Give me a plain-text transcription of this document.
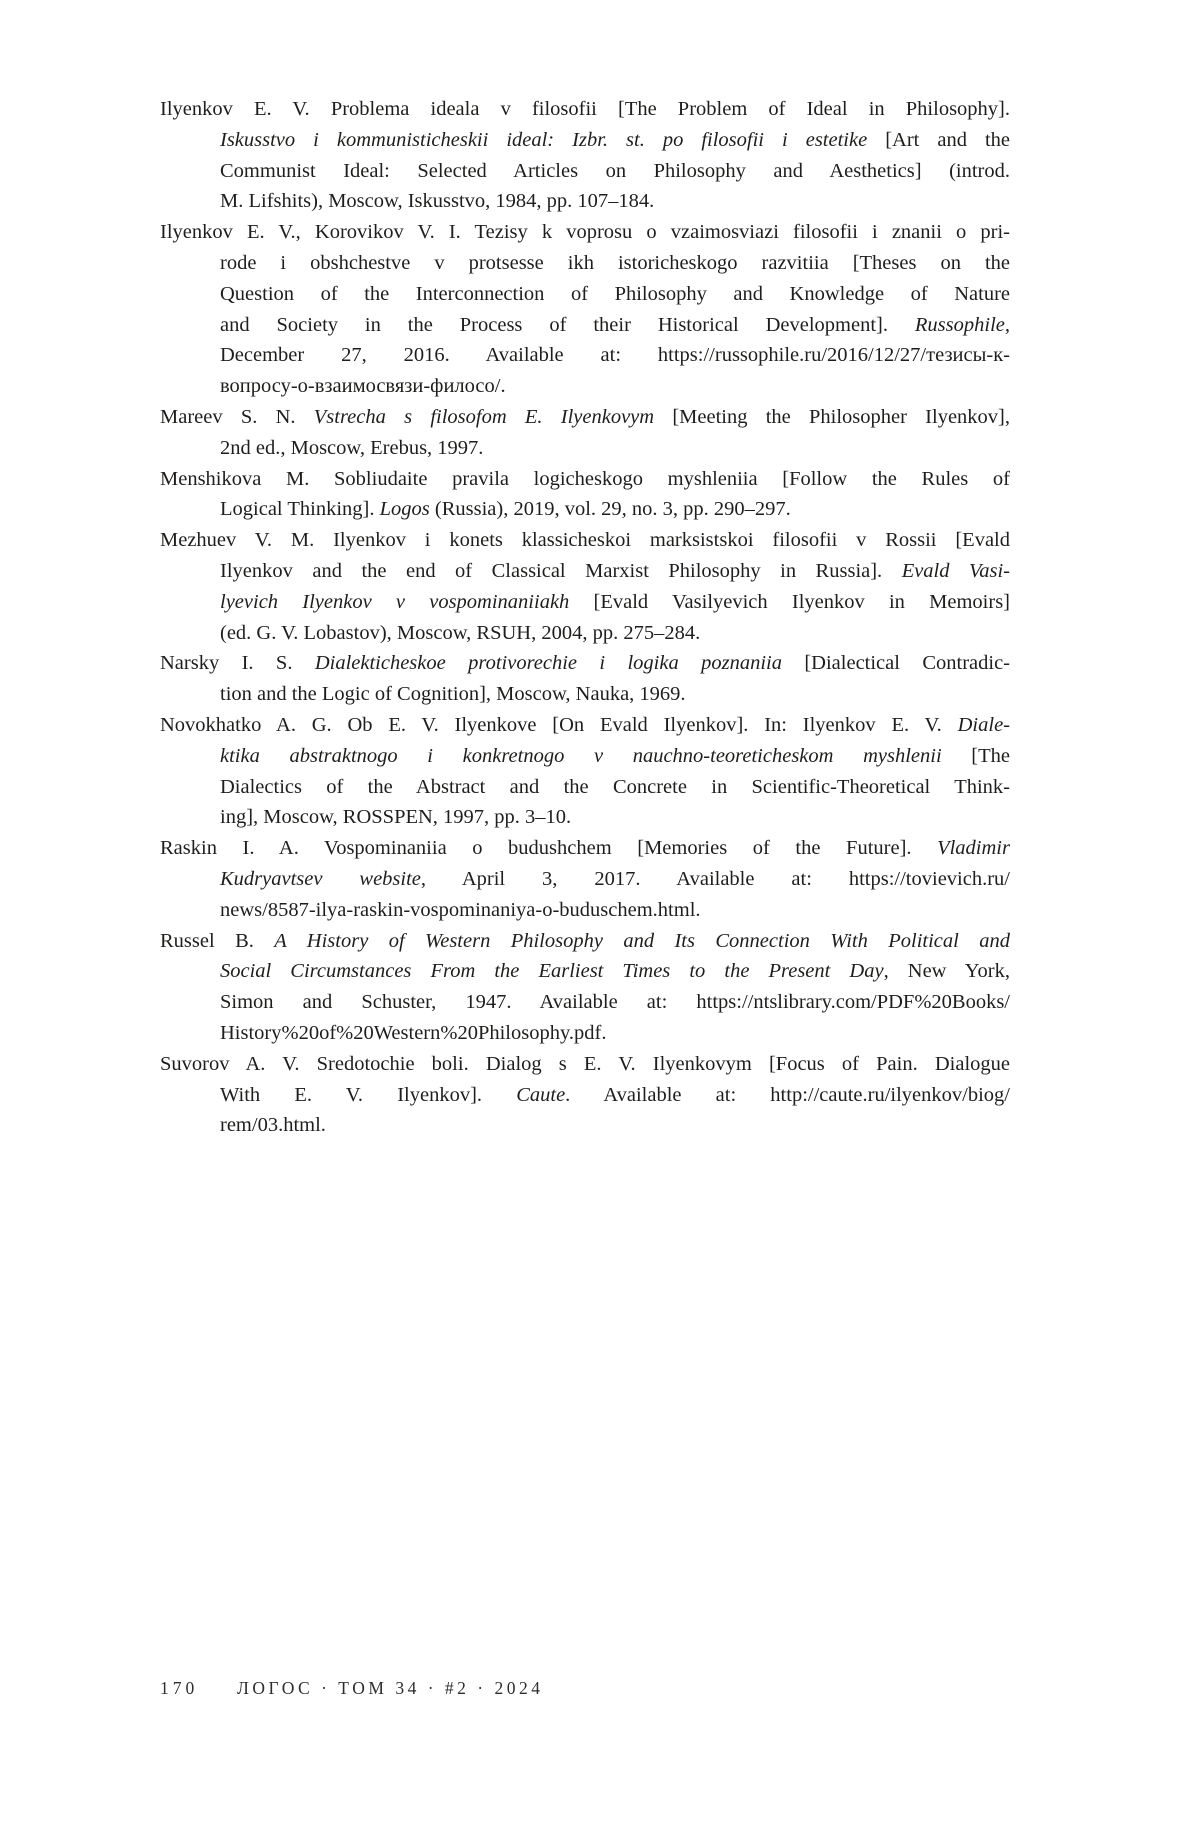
Ilyenkov E. V. Problema ideala v filosofii [The Problem of Ideal in Philosophy].
Iskusstvo i kommunisticheskii ideal: Izbr. st. po filosofii i estetike [Art and the
Communist Ideal: Selected Articles on Philosophy and Aesthetics] (introd.
M. Lifshits), Moscow, Iskusstvo, 1984, pp. 107–184.
Ilyenkov E. V., Korovikov V. I. Tezisy k voprosu o vzaimosviazi filosofii i znanii o pri-
rode i obshchestve v protsesse ikh istoricheskogo razvitiia [Theses on the
Question of the Interconnection of Philosophy and Knowledge of Nature
and Society in the Process of their Historical Development]. Russophile,
December 27, 2016. Available at: https://russophile.ru/2016/12/27/тезисы-к-
вопросу-о-взаимосвязи-филосо/.
Mareev S. N. Vstrecha s filosofom E. Ilyenkovym [Meeting the Philosopher Ilyenkov],
2nd ed., Moscow, Erebus, 1997.
Menshikova M. Sobliudaite pravila logicheskogo myshleniia [Follow the Rules of
Logical Thinking]. Logos (Russia), 2019, vol. 29, no. 3, pp. 290–297.
Mezhuev V. M. Ilyenkov i konets klassicheskoi marksistskoi filosofii v Rossii [Evald
Ilyenkov and the end of Classical Marxist Philosophy in Russia]. Evald Vasi-
lyevich Ilyenkov v vospominaniiakh [Evald Vasilyevich Ilyenkov in Memoirs]
(ed. G. V. Lobastov), Moscow, RSUH, 2004, pp. 275–284.
Narsky I. S. Dialekticheskoe protivorechie i logika poznaniia [Dialectical Contradic-
tion and the Logic of Cognition], Moscow, Nauka, 1969.
Novokhatko A. G. Ob E. V. Ilyenkove [On Evald Ilyenkov]. In: Ilyenkov E. V. Diale-
ktika abstraktnogo i konkretnogo v nauchno-teoreticheskom myshlenii [The
Dialectics of the Abstract and the Concrete in Scientific-Theoretical Think-
ing], Moscow, ROSSPEN, 1997, pp. 3–10.
Raskin I. A. Vospominaniia o budushchem [Memories of the Future]. Vladimir
Kudryavtsev website, April 3, 2017. Available at: https://tovievich.ru/
news/8587-ilya-raskin-vospominaniya-o-buduschem.html.
Russel B. A History of Western Philosophy and Its Connection With Political and
Social Circumstances From the Earliest Times to the Present Day, New York,
Simon and Schuster, 1947. Available at: https://ntslibrary.com/PDF%20Books/
History%20of%20Western%20Philosophy.pdf.
Suvorov A. V. Sredotochie boli. Dialog s E. V. Ilyenkovym [Focus of Pain. Dialogue
With E. V. Ilyenkov]. Caute. Available at: http://caute.ru/ilyenkov/biog/
rem/03.html.
170 ЛОГОС · ТОМ 34 · #2 · 2024
